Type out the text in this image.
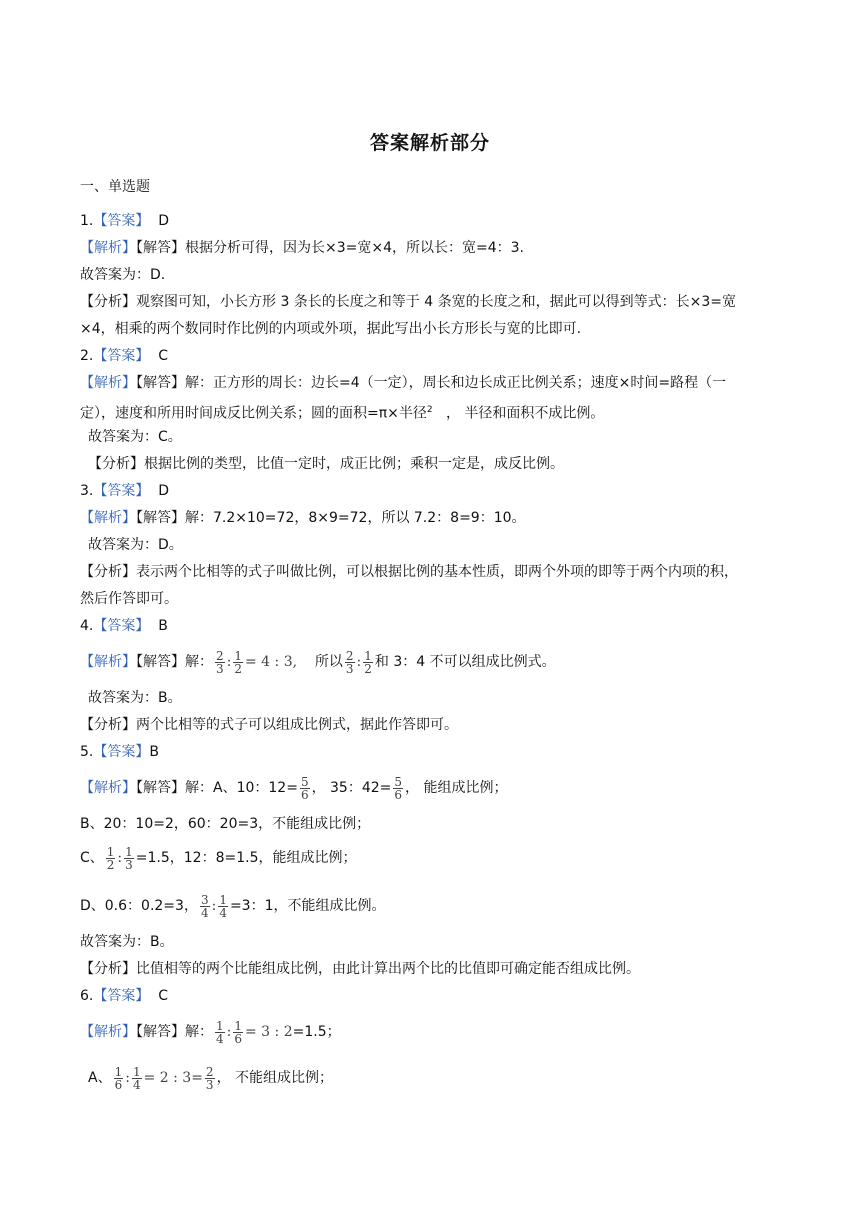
答案解析部分
一、单选题
1.【答案】 D
【解析】【解答】根据分析可得，因为长×3=宽×4，所以长：宽=4：3.
故答案为：D.
【分析】观察图可知，小长方形 3 条长的长度之和等于 4 条宽的长度之和，据此可以得到等式：长×3=宽
×4，相乘的两个数同时作比例的内项或外项，据此写出小长方形长与宽的比即可.
2.【答案】 C
【解析】【解答】解：正方形的周长：边长=4（一定），周长和边长成正比例关系；速度×时间=路程（一
定），速度和所用时间成反比例关系；圆的面积=π×半径$^2$ ， 半径和面积不成比例。
故答案为：C。
【分析】根据比例的类型，比值一定时，成正比例；乘积一定是，成反比例。
3.【答案】 D
【解析】【解答】解：7.2×10=72，8×9=72，所以 7.2：8=9：10。
故答案为：D。
【分析】表示两个比相等的式子叫做比例，可以根据比例的基本性质，即两个外项的即等于两个内项的积，
然后作答即可。
4.【答案】 B
【解析】【解答】解： $\frac{2}{3}$ : $\frac{1}{2} = 4$ : 3, 所以 $\frac{2}{3}$ : $\frac{1}{2}$ 和 3：4 不可以组成比例式。
故答案为：B。
【分析】两个比相等的式子可以组成比例式，据此作答即可。
5.【答案】B
【解析】【解答】解：A、10：$12= \frac{5}{6}$ ， 35：$42= \frac{5}{6}$ ， 能组成比例；
B、20：10=2，60：20=3，不能组成比例；
C、 $\frac{1}{2}$ : $\frac{1}{3} =1.5$，12：8=1.5，能组成比例；
D、0.6：0.2=3， $\frac{3}{4}$ : $\frac{1}{4} =3$：1，不能组成比例。
故答案为：B。
【分析】比值相等的两个比能组成比例，由此计算出两个比的比值即可确定能否组成比例。
6.【答案】 C
【解析】【解答】解： $\frac{1}{4}$ : $\frac{1}{6} = 3$ : 2=1.5；
A、 $\frac{1}{6}$ : $\frac{1}{4} = 2$ : $3= \frac{2}{3}$ ， 不能组成比例；
